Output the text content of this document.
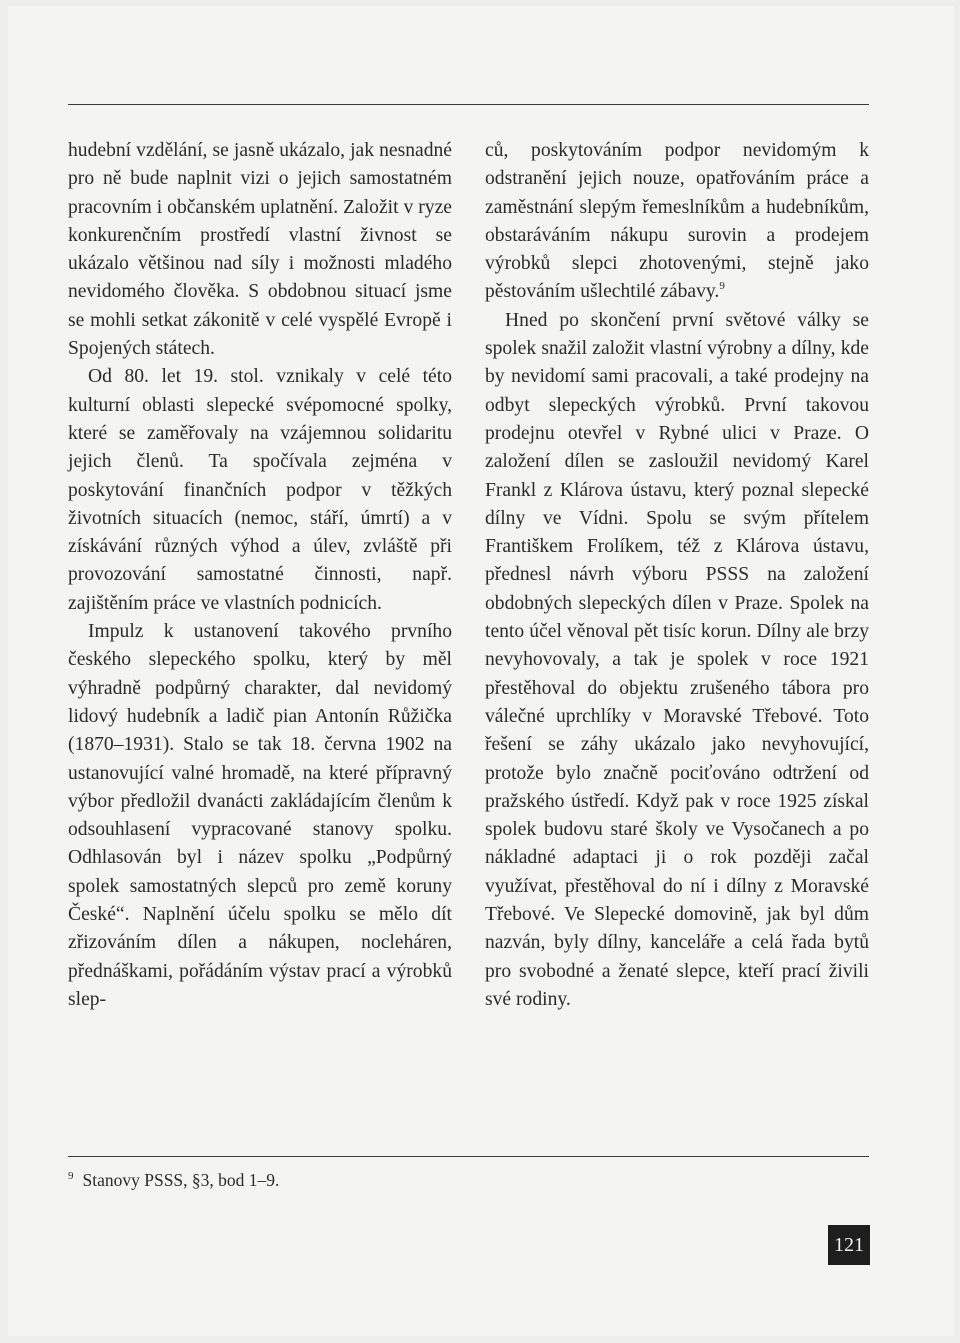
hudební vzdělání, se jasně ukázalo, jak nesnadné pro ně bude naplnit vizi o jejich samostatném pracovním i občanském uplatnění. Založit v ryze konkurenčním prostředí vlastní živnost se ukázalo většinou nad síly i možnosti mladého nevidomého člověka. S obdobnou situací jsme se mohli setkat zákonitě v celé vyspělé Evropě i Spojených státech.

Od 80. let 19. stol. vznikaly v celé této kulturní oblasti slepecké svépomocné spolky, které se zaměřovaly na vzájemnou solidaritu jejich členů. Ta spočívala zejména v poskytování finančních podpor v těžkých životních situacích (nemoc, stáří, úmrtí) a v získávání různých výhod a úlev, zvláště při provozování samostatné činnosti, např. zajištěním práce ve vlastních podnicích.

Impulz k ustanovení takového prvního českého slepeckého spolku, který by měl výhradně podpůrný charakter, dal nevidomý lidový hudebník a ladič pian Antonín Růžička (1870–1931). Stalo se tak 18. června 1902 na ustanovující valné hromadě, na které přípravný výbor předložil dvanácti zakládajícím členům k odsouhlasení vypracované stanovy spolku. Odhlasován byl i název spolku „Podpůrný spolek samostatných slepců pro země koruny České“. Naplnění účelu spolku se mělo dít zřizováním dílen a nákupen, nocleháren, přednáškami, pořádáním výstav prací a výrobků slep-

ců, poskytováním podpor nevidomým k odstranění jejich nouze, opatřováním práce a zaměstnání slepým řemeslníkům a hudebníkům, obstaráváním nákupu surovin a prodejem výrobků slepci zhotovenými, stejně jako pěstováním ušlechtilé zábavy.$^9$

Hned po skončení první světové války se spolek snažil založit vlastní výrobny a dílny, kde by nevidomí sami pracovali, a také prodejny na odbyt slepeckých výrobků. První takovou prodejnu otevřel v Rybné ulici v Praze. O založení dílen se zasloužil nevidomý Karel Frankl z Klárova ústavu, který poznal slepecké dílny ve Vídni. Spolu se svým přítelem Františkem Frolíkem, též z Klárova ústavu, přednesl návrh výboru PSSS na založení obdobných slepeckých dílen v Praze. Spolek na tento účel věnoval pět tisíc korun. Dílny ale brzy nevyhovovaly, a tak je spolek v roce 1921 přestěhoval do objektu zrušeného tábora pro válečné uprchlíky v Moravské Třebové. Toto řešení se záhy ukázalo jako nevyhovující, protože bylo značně pociťováno odtržení od pražského ústředí. Když pak v roce 1925 získal spolek budovu staré školy ve Vysočanech a po nákladné adaptaci ji o rok později začal využívat, přestěhoval do ní i dílny z Moravské Třebové. Ve Slepecké domovině, jak byl dům nazván, byly dílny, kanceláře a celá řada bytů pro svobodné a ženaté slepce, kteří prací živili své rodiny.

$^9$ Stanovy PSSS, §3, bod 1–9.
121
